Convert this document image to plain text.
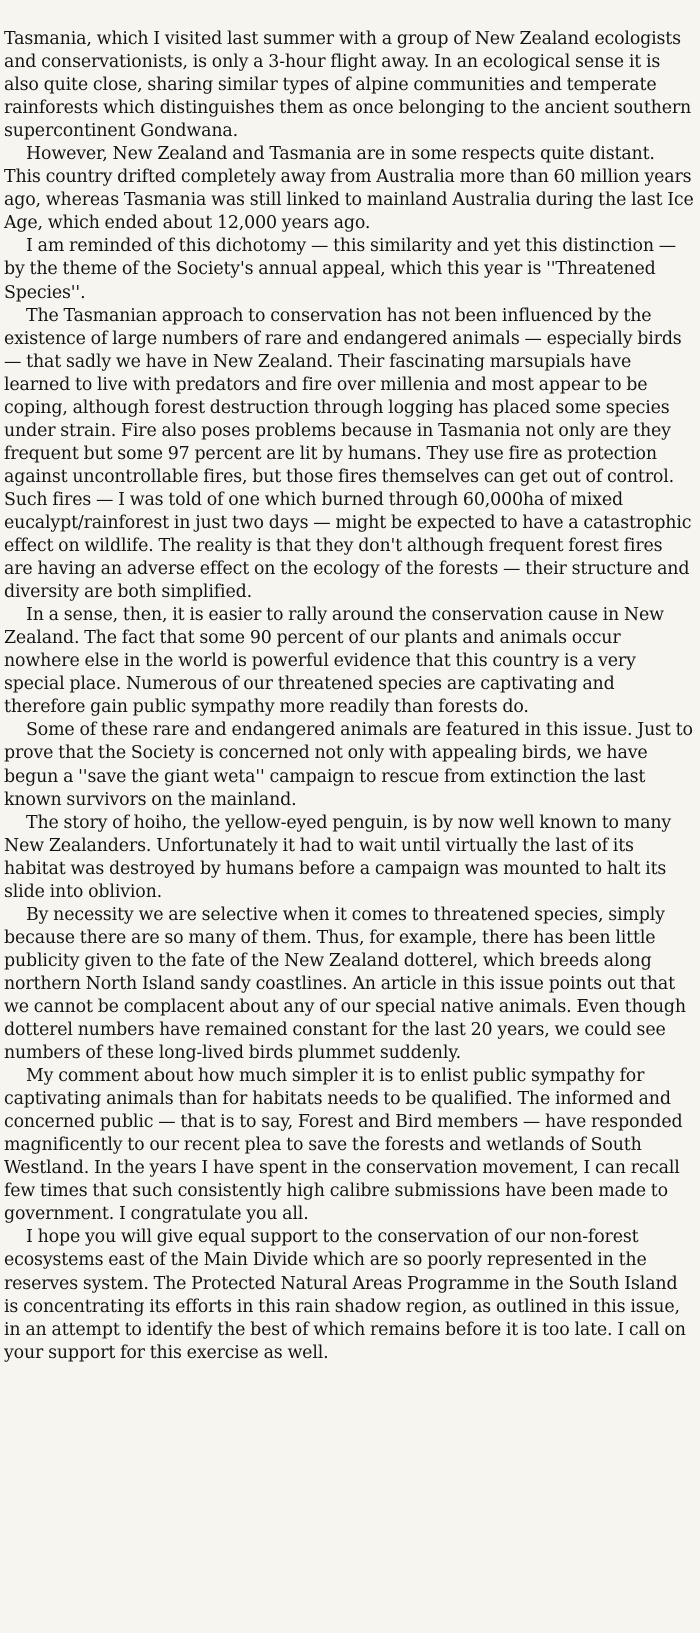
Tasmania, which I visited last summer with a group of New Zealand ecologists and conservationists, is only a 3-hour flight away. In an ecological sense it is also quite close, sharing similar types of alpine communities and temperate rainforests which distinguishes them as once belonging to the ancient southern supercontinent Gondwana.

However, New Zealand and Tasmania are in some respects quite distant. This country drifted completely away from Australia more than 60 million years ago, whereas Tasmania was still linked to mainland Australia during the last Ice Age, which ended about 12,000 years ago.

I am reminded of this dichotomy — this similarity and yet this distinction — by the theme of the Society's annual appeal, which this year is ''Threatened Species''.

The Tasmanian approach to conservation has not been influenced by the existence of large numbers of rare and endangered animals — especially birds — that sadly we have in New Zealand. Their fascinating marsupials have learned to live with predators and fire over millenia and most appear to be coping, although forest destruction through logging has placed some species under strain. Fire also poses problems because in Tasmania not only are they frequent but some 97 percent are lit by humans. They use fire as protection against uncontrollable fires, but those fires themselves can get out of control. Such fires — I was told of one which burned through 60,000ha of mixed eucalypt/rainforest in just two days — might be expected to have a catastrophic effect on wildlife. The reality is that they don't although frequent forest fires are having an adverse effect on the ecology of the forests — their structure and diversity are both simplified.

In a sense, then, it is easier to rally around the conservation cause in New Zealand. The fact that some 90 percent of our plants and animals occur nowhere else in the world is powerful evidence that this country is a very special place. Numerous of our threatened species are captivating and therefore gain public sympathy more readily than forests do.

Some of these rare and endangered animals are featured in this issue. Just to prove that the Society is concerned not only with appealing birds, we have begun a ''save the giant weta'' campaign to rescue from extinction the last known survivors on the mainland.

The story of hoiho, the yellow-eyed penguin, is by now well known to many New Zealanders. Unfortunately it had to wait until virtually the last of its habitat was destroyed by humans before a campaign was mounted to halt its slide into oblivion.

By necessity we are selective when it comes to threatened species, simply because there are so many of them. Thus, for example, there has been little publicity given to the fate of the New Zealand dotterel, which breeds along northern North Island sandy coastlines. An article in this issue points out that we cannot be complacent about any of our special native animals. Even though dotterel numbers have remained constant for the last 20 years, we could see numbers of these long-lived birds plummet suddenly.

My comment about how much simpler it is to enlist public sympathy for captivating animals than for habitats needs to be qualified. The informed and concerned public — that is to say, Forest and Bird members — have responded magnificently to our recent plea to save the forests and wetlands of South Westland. In the years I have spent in the conservation movement, I can recall few times that such consistently high calibre submissions have been made to government. I congratulate you all.

I hope you will give equal support to the conservation of our non-forest ecosystems east of the Main Divide which are so poorly represented in the reserves system. The Protected Natural Areas Programme in the South Island is concentrating its efforts in this rain shadow region, as outlined in this issue, in an attempt to identify the best of which remains before it is too late. I call on your support for this exercise as well.
